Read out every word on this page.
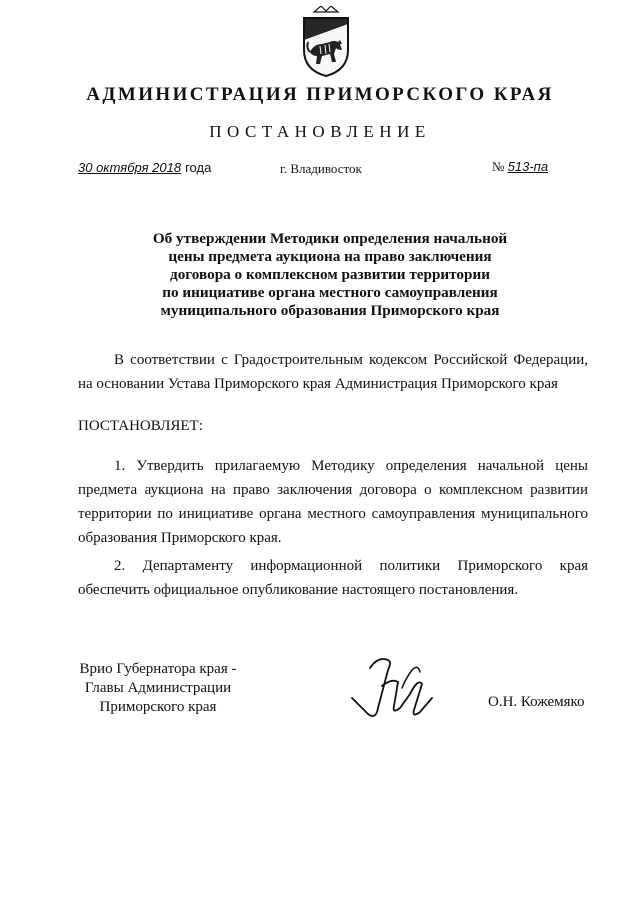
АДМИНИСТРАЦИЯ ПРИМОРСКОГО КРАЯ
ПОСТАНОВЛЕНИЕ
30 октября 2018 года	г. Владивосток	№ 513-па
Об утверждении Методики определения начальной
цены предмета аукциона на право заключения
договора о комплексном развитии территории
по инициативе органа местного самоуправления
муниципального образования Приморского края
В соответствии с Градостроительным кодексом Российской Федерации,
на основании Устава Приморского края Администрация Приморского края
ПОСТАНОВЛЯЕТ:
1. Утвердить прилагаемую Методику определения начальной цены
предмета аукциона на право заключения договора о комплексном развитии
территории по инициативе органа местного самоуправления муниципального
образования Приморского края.
2. Департаменту информационной политики Приморского края
обеспечить официальное опубликование настоящего постановления.
Врио Губернатора края -
Главы Администрации
Приморского края	О.Н. Кожемяко
